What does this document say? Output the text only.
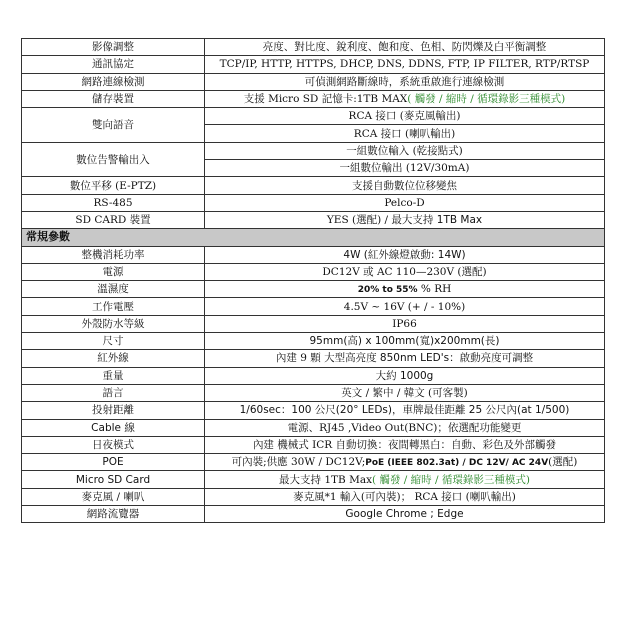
影像調整	亮度、對比度、銳利度、飽和度、色相、防閃爍及白平衡調整
通訊協定	TCP/IP, HTTP, HTTPS, DHCP, DNS, DDNS, FTP, IP FILTER, RTP/RTSP
網路連線檢測	可偵測網路斷線時，系統重啟進行連線檢測
儲存裝置	支援 Micro SD 記憶卡:1TB MAX( 觸發 / 縮時 / 循環錄影三種模式)
雙向語音	RCA 接口 (麥克風輸出)
	RCA 接口 (喇叭輸出)
數位告警輸出入	一組數位輸入 (乾接點式)
	一組數位輸出 (12V/30mA)
數位平移 (E-PTZ)	支援自動數位位移變焦
RS-485	Pelco-D
SD CARD 裝置	YES (選配) / 最大支持 1TB Max
常規參數	
整機消耗功率	4W (紅外線燈啟動: 14W)
電源	DC12V 或 AC 110—230V (選配)
溫濕度	20% to 55% % RH
工作電壓	4.5V ~ 16V (+ / - 10%)
外殼防水等級	IP66
尺寸	95mm(高) x 100mm(寬)x200mm(長)
紅外線	內建 9 顆 大型高亮度 850nm LED's：啟動亮度可調整
重量	大約 1000g
語言	英文 / 繁中 / 韓文 (可客製)
投射距離	1/60sec：100 公尺(20° LEDs)，車牌最佳距離 25 公尺內(at 1/500)
Cable 線	電源、RJ45 ,Video Out(BNC)；依選配功能變更
日夜模式	內建 機械式 ICR 自動切換：夜間轉黑白：自動、彩色及外部觸發
POE	可內裝;供應 30W / DC12V;PoE (IEEE 802.3at) / DC 12V/ AC 24V(選配)
Micro SD Card	最大支持 1TB Max( 觸發 / 縮時 / 循環錄影三種模式)
麥克風 / 喇叭	麥克風*1 輸入(可內裝)； RCA 接口 (喇叭輸出)
網路流覽器	Google Chrome ; Edge
